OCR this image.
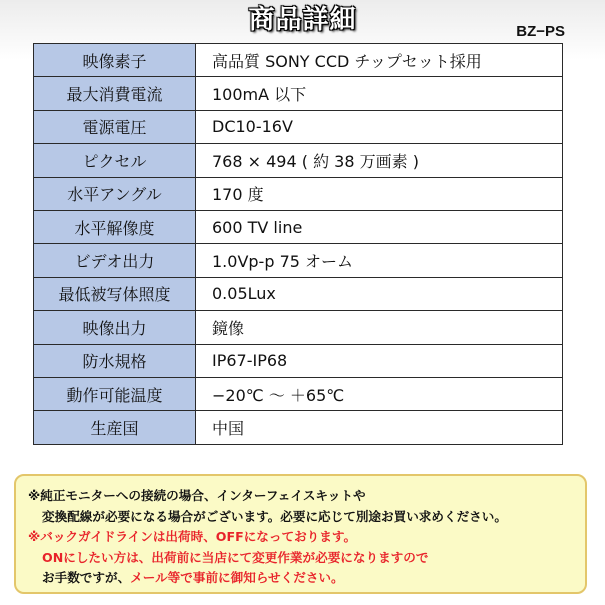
商品詳細	BZ−PS
映像素子	高品質 SONY CCD チップセット採用
最大消費電流	100mA 以下
電源電圧	DC10-16V
ピクセル	768 × 494 ( 約 38 万画素 )
水平アングル	170 度
水平解像度	600 TV line
ビデオ出力	1.0Vp-p 75 オーム
最低被写体照度	0.05Lux
映像出力	鏡像
防水規格	IP67-IP68
動作可能温度	−20℃ 〜 ＋65℃
生産国	中国
※純正モニターへの接続の場合、インターフェイスキットや
変換配線が必要になる場合がございます。必要に応じて別途お買い求めください。
※バックガイドラインは出荷時、OFFになっております。
ONにしたい方は、出荷前に当店にて変更作業が必要になりますので
お手数ですが、メール等で事前に御知らせください。
